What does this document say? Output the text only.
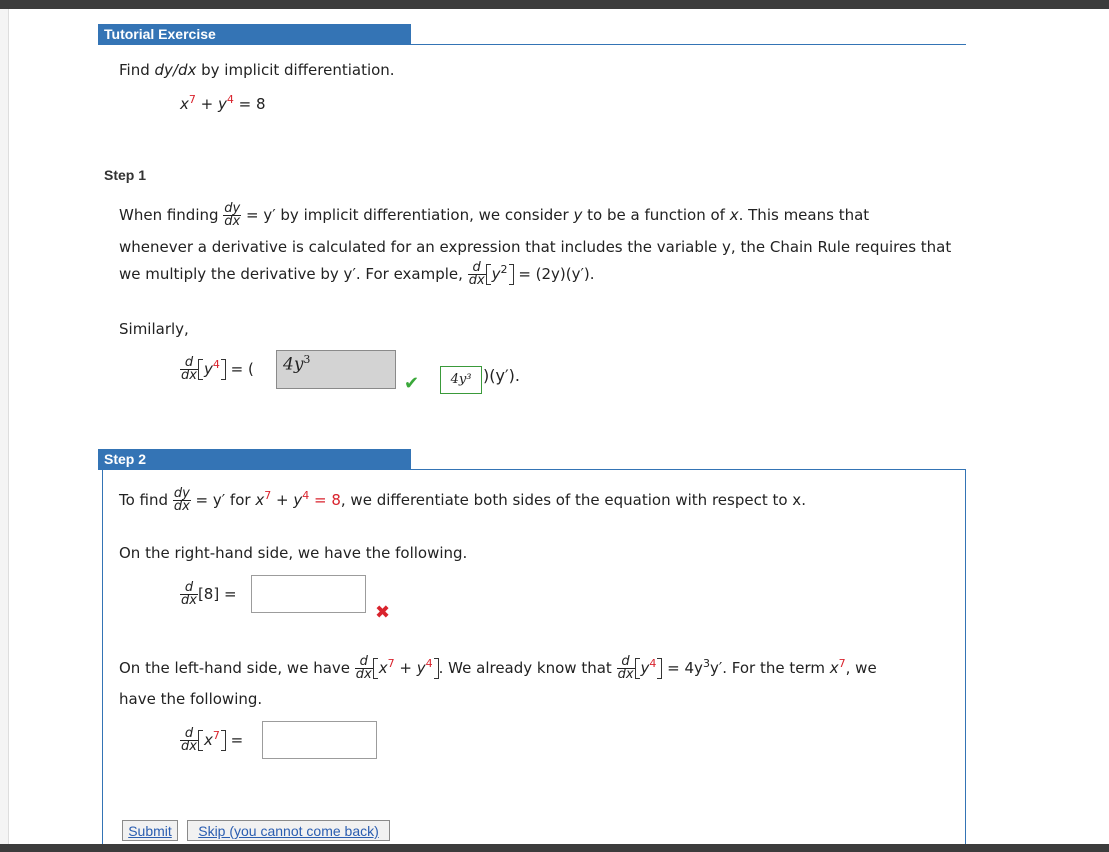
Tutorial Exercise
Find dy/dx by implicit differentiation.
$x^7 + y^4 = 8$
Step 1
When finding $\frac{dy}{dx} = y'$ by implicit differentiation, we consider y to be a function of x. This means that
whenever a derivative is calculated for an expression that includes the variable y, the Chain Rule requires that
we multiply the derivative by y′. For example, $\frac{d}{dx} y^2 = (2y)(y')$.
Similarly,
$\frac{d}{dx} y^4$ = (	$4y^3$
✔	4y³ )(y′).
Step 2
To find $\frac{dy}{dx} = y'$ for $x^7 + y^4 = 8$, we differentiate both sides of the equation with respect to x.
On the right-hand side, we have the following.
$\frac{d}{dx} [8]$ =
✖
On the left-hand side, we have $\frac{d}{dx} x^7 + y^4$ . We already know that $\frac{d}{dx} y^4 = 4y^3y'$. For the term $x^7$, we
have the following.
$\frac{d}{dx} x^7$ =
Submit	Skip (you cannot come back)
